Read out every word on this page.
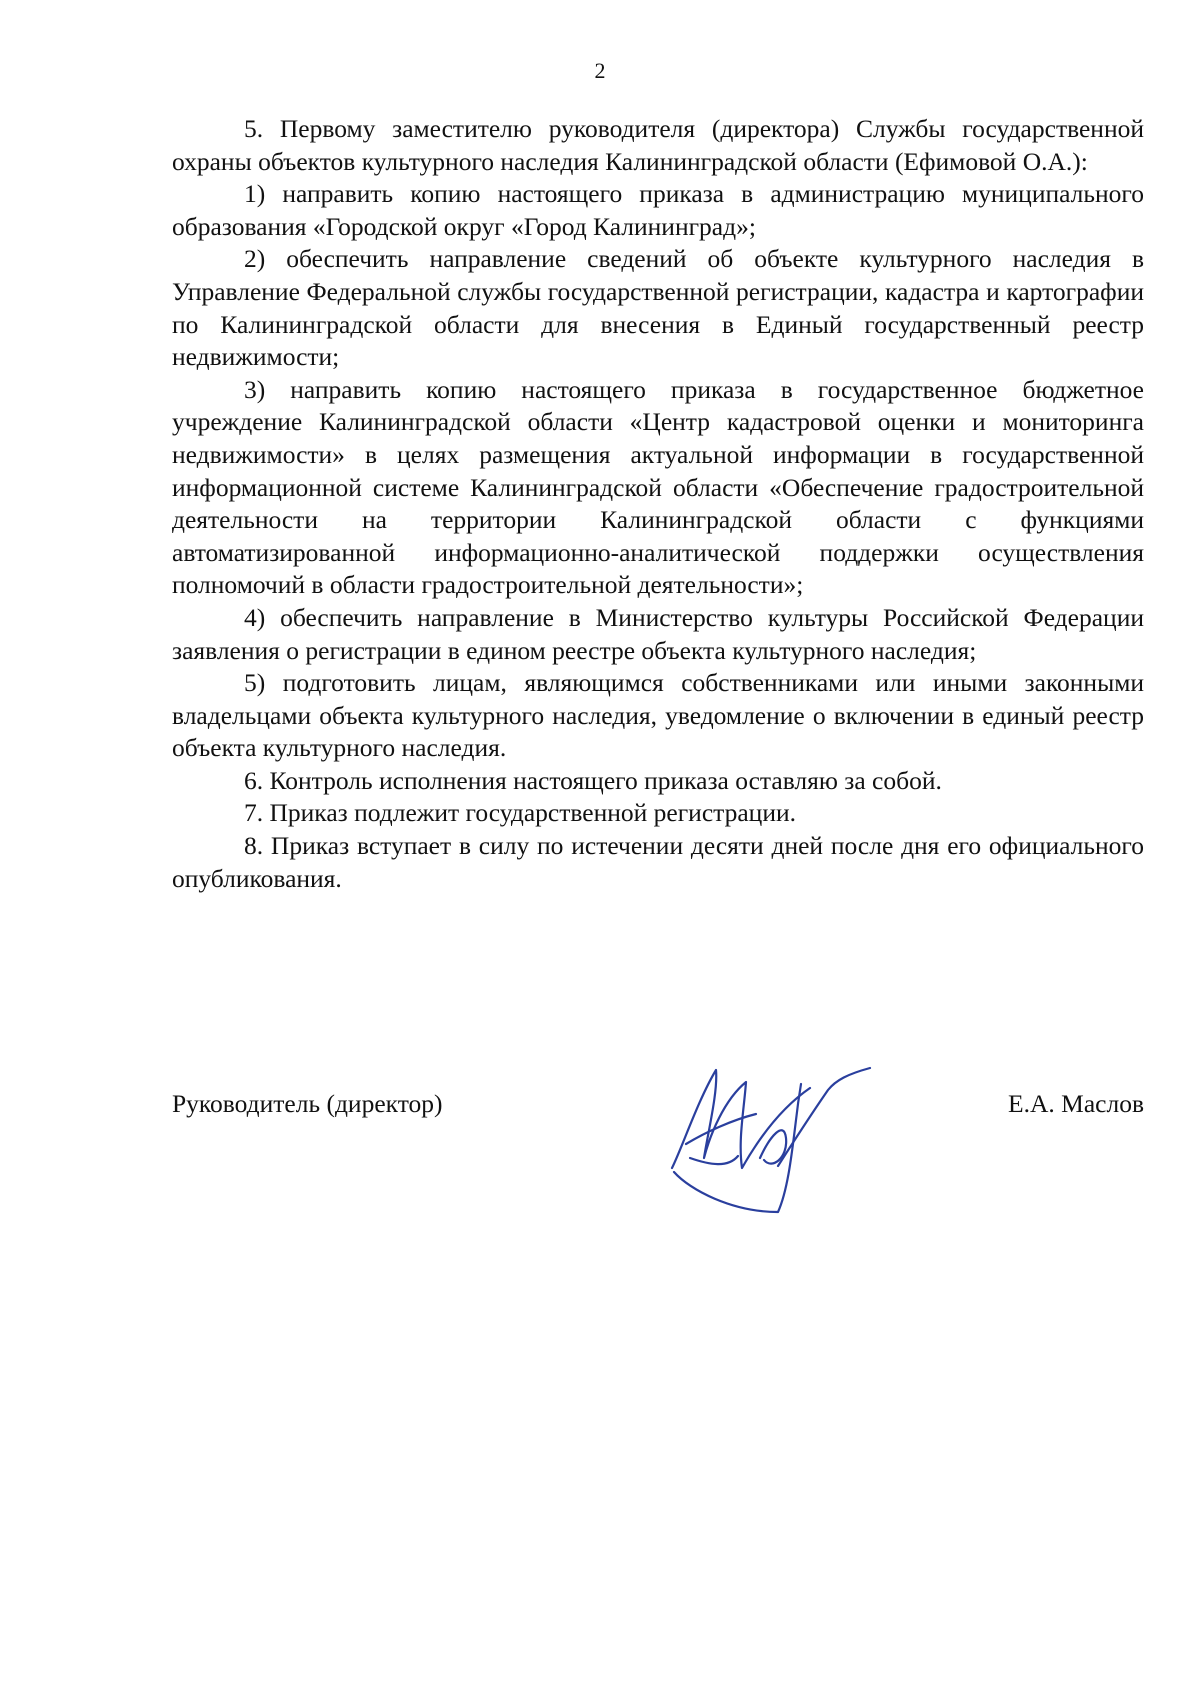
2

5. Первому заместителю руководителя (директора) Службы государственной охраны объектов культурного наследия Калининградской области (Ефимовой О.А.):

1) направить копию настоящего приказа в администрацию муниципального образования «Городской округ «Город Калининград»;

2) обеспечить направление сведений об объекте культурного наследия в Управление Федеральной службы государственной регистрации, кадастра и картографии по Калининградской области для внесения в Единый государственный реестр недвижимости;

3) направить копию настоящего приказа в государственное бюджетное учреждение Калининградской области «Центр кадастровой оценки и мониторинга недвижимости» в целях размещения актуальной информации в государственной информационной системе Калининградской области «Обеспечение градостроительной деятельности на территории Калининградской области с функциями автоматизированной информационно-аналитической поддержки осуществления полномочий в области градостроительной деятельности»;

4) обеспечить направление в Министерство культуры Российской Федерации заявления о регистрации в едином реестре объекта культурного наследия;

5) подготовить лицам, являющимся собственниками или иными законными владельцами объекта культурного наследия, уведомление о включении в единый реестр объекта культурного наследия.

6. Контроль исполнения настоящего приказа оставляю за собой.

7. Приказ подлежит государственной регистрации.

8. Приказ вступает в силу по истечении десяти дней после дня его официального опубликования.

Руководитель (директор)	Е.А. Маслов
